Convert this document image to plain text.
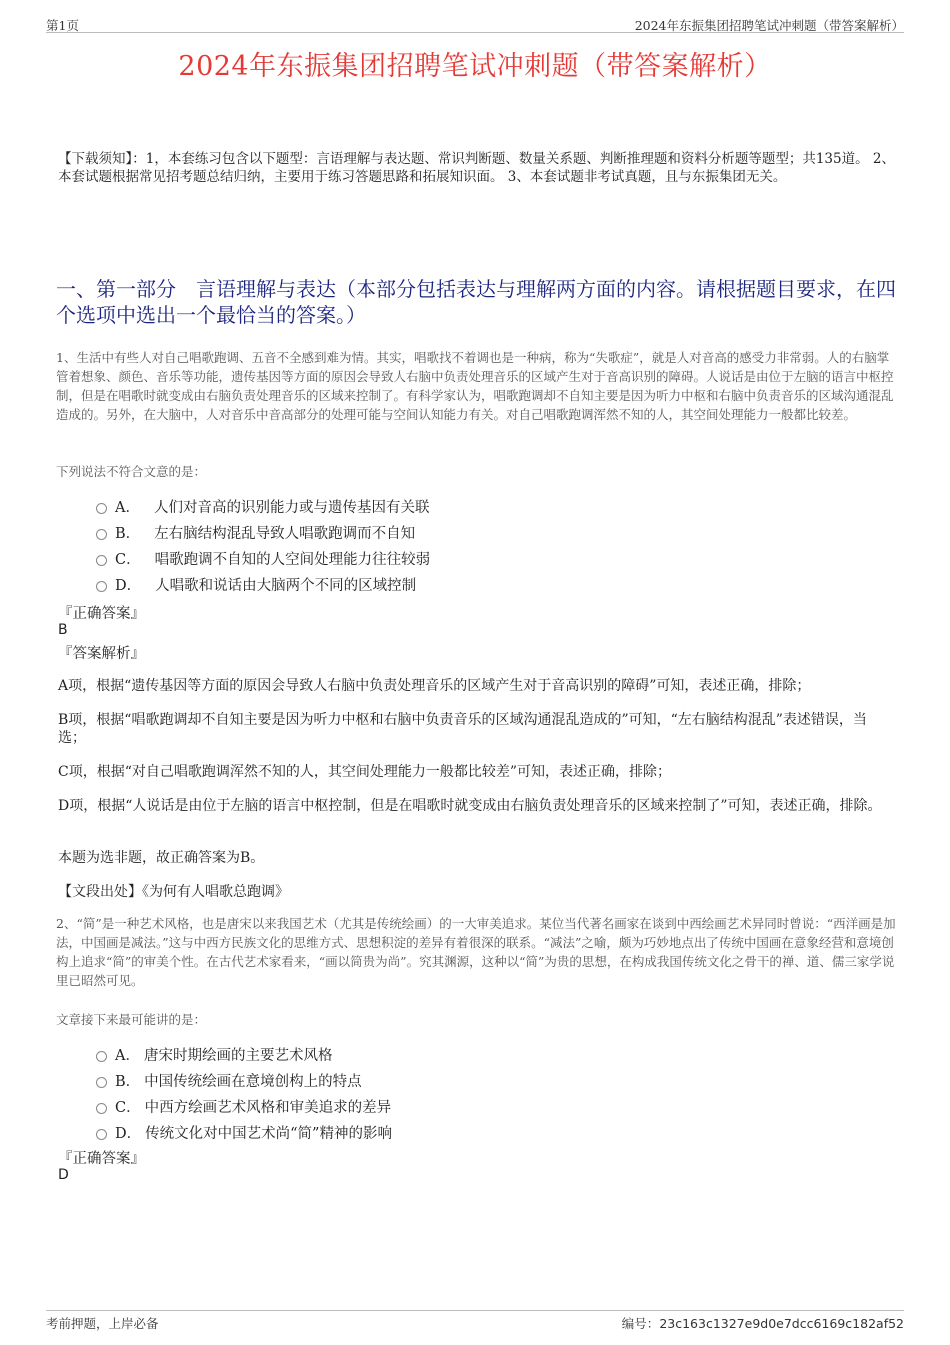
第1页	2024年东振集团招聘笔试冲刺题（带答案解析）
2024年东振集团招聘笔试冲刺题（带答案解析）
【下载须知】：1，本套练习包含以下题型：言语理解与表达题、常识判断题、数量关系题、判断推理题和资料分析题等题型；共135道。 2、本套试题根据常见招考题总结归纳，主要用于练习答题思路和拓展知识面。 3、本套试题非考试真题，且与东振集团无关。
一、第一部分　言语理解与表达（本部分包括表达与理解两方面的内容。请根据题目要求，在四个选项中选出一个最恰当的答案。）
1、生活中有些人对自己唱歌跑调、五音不全感到难为情。其实，唱歌找不着调也是一种病，称为“失歌症”，就是人对音高的感受力非常弱。人的右脑掌管着想象、颜色、音乐等功能，遗传基因等方面的原因会导致人右脑中负责处理音乐的区域产生对于音高识别的障碍。人说话是由位于左脑的语言中枢控制，但是在唱歌时就变成由右脑负责处理音乐的区域来控制了。有科学家认为，唱歌跑调却不自知主要是因为听力中枢和右脑中负责音乐的区域沟通混乱造成的。另外，在大脑中，人对音乐中音高部分的处理可能与空间认知能力有关。对自己唱歌跑调浑然不知的人，其空间处理能力一般都比较差。
下列说法不符合文意的是：
A． 人们对音高的识别能力或与遗传基因有关联
B． 左右脑结构混乱导致人唱歌跑调而不自知
C． 唱歌跑调不自知的人空间处理能力往往较弱
D． 人唱歌和说话由大脑两个不同的区域控制
『正确答案』
B
『答案解析』
A项，根据“遗传基因等方面的原因会导致人右脑中负责处理音乐的区域产生对于音高识别的障碍”可知，表述正确，排除；
B项，根据“唱歌跑调却不自知主要是因为听力中枢和右脑中负责音乐的区域沟通混乱造成的”可知，“左右脑结构混乱”表述错误，当选；
C项，根据“对自己唱歌跑调浑然不知的人，其空间处理能力一般都比较差”可知，表述正确，排除；
D项，根据“人说话是由位于左脑的语言中枢控制，但是在唱歌时就变成由右脑负责处理音乐的区域来控制了”可知，表述正确，排除。
本题为选非题，故正确答案为B。
【文段出处】《为何有人唱歌总跑调》
2、“简”是一种艺术风格，也是唐宋以来我国艺术（尤其是传统绘画）的一大审美追求。某位当代著名画家在谈到中西绘画艺术异同时曾说：“西洋画是加法，中国画是减法。”这与中西方民族文化的思维方式、思想积淀的差异有着很深的联系。“减法”之喻，颇为巧妙地点出了传统中国画在意象经营和意境创构上追求“简”的审美个性。在古代艺术家看来，“画以简贵为尚”。究其渊源，这种以“简”为贵的思想，在构成我国传统文化之骨干的禅、道、儒三家学说里已昭然可见。
文章接下来最可能讲的是：
A． 唐宋时期绘画的主要艺术风格
B． 中国传统绘画在意境创构上的特点
C． 中西方绘画艺术风格和审美追求的差异
D． 传统文化对中国艺术尚“简”精神的影响
『正确答案』
D
考前押题，上岸必备	编号：23c163c1327e9d0e7dcc6169c182af52
